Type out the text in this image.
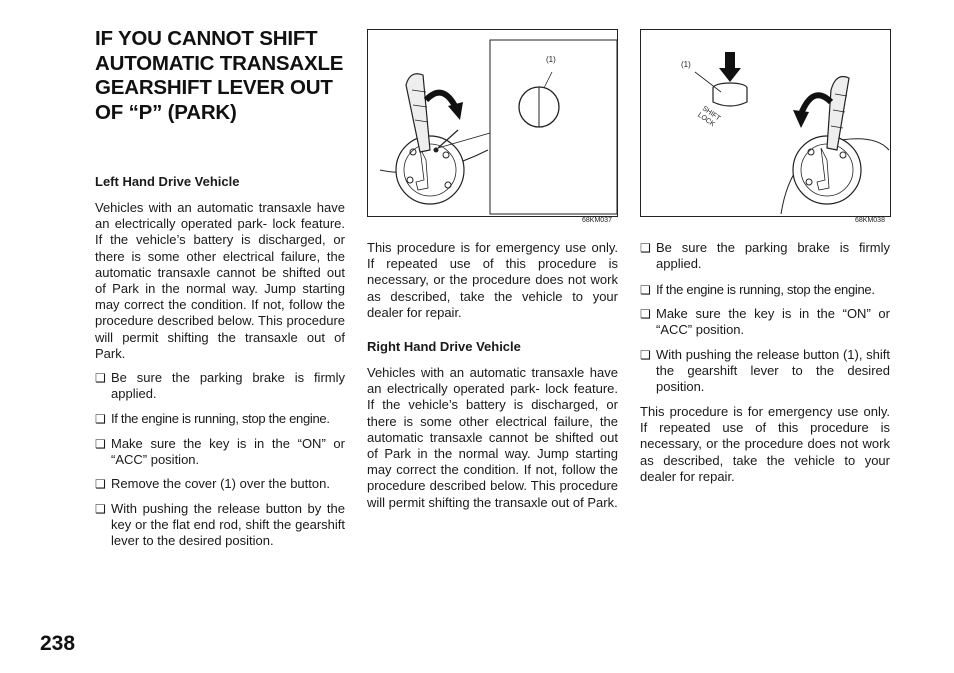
IF YOU CANNOT SHIFT AUTOMATIC TRANSAXLE GEARSHIFT LEVER OUT OF “P” (PARK)
Left Hand Drive Vehicle
Vehicles with an automatic transaxle have an electrically operated park- lock feature. If the vehicle’s battery is discharged, or there is some other electrical failure, the automatic transaxle cannot be shifted out of Park in the normal way. Jump starting may correct the condition. If not, follow the procedure described below. This procedure will permit shifting the transaxle out of Park.
❑ Be sure the parking brake is firmly applied.
❑ If the engine is running, stop the engine.
❑ Make sure the key is in the “ON” or “ACC” position.
❑ Remove the cover (1) over the button.
❑ With pushing the release button by the key or the flat end rod, shift the gearshift lever to the desired position.
(1)
68KM037
This procedure is for emergency use only. If repeated use of this procedure is necessary, or the procedure does not work as described, take the vehicle to your dealer for repair.
Right Hand Drive Vehicle
Vehicles with an automatic transaxle have an electrically operated park- lock feature. If the vehicle’s battery is discharged, or there is some other electrical failure, the automatic transaxle cannot be shifted out of Park in the normal way. Jump starting may correct the condition. If not, follow the procedure described below. This procedure will permit shifting the transaxle out of Park.
(1)
SHIFT LOCK
68KM038
❑ Be sure the parking brake is firmly applied.
❑ If the engine is running, stop the engine.
❑ Make sure the key is in the “ON” or “ACC” position.
❑ With pushing the release button (1), shift the gearshift lever to the desired position.
This procedure is for emergency use only. If repeated use of this procedure is necessary, or the procedure does not work as described, take the vehicle to your dealer for repair.
238
